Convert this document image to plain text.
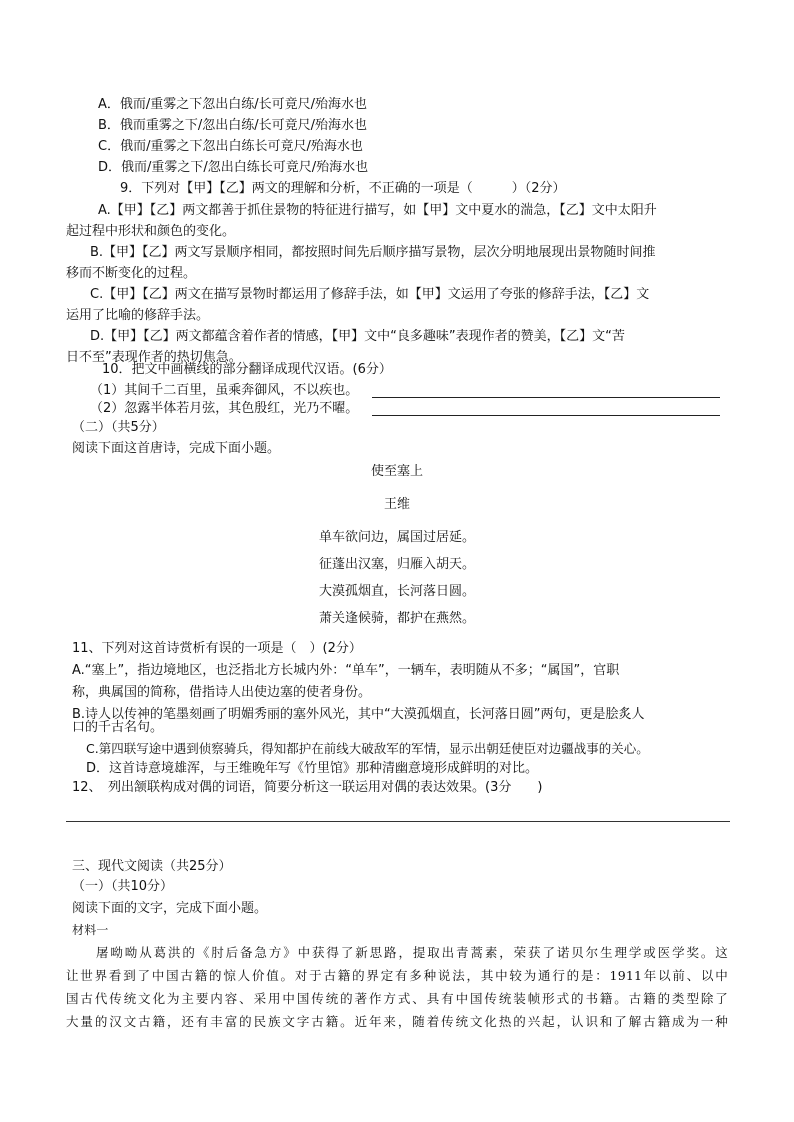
A．俄而/重雾之下忽出白练/长可竟尺/殆海水也
B．俄而重雾之下/忽出白练/长可竟尺/殆海水也
C．俄而/重雾之下忽出白练长可竟尺/殆海水也
D．俄而/重雾之下/忽出白练长可竟尺/殆海水也
9．下列对【甲】【乙】两文的理解和分析，不正确的一项是（　　　）（2分）
A.【甲】【乙】两文都善于抓住景物的特征进行描写，如【甲】文中夏水的湍急，【乙】文中太阳升
起过程中形状和颜色的变化。
B.【甲】【乙】两文写景顺序相同，都按照时间先后顺序描写景物，层次分明地展现出景物随时间推
移而不断变化的过程。
C.【甲】【乙】两文在描写景物时都运用了修辞手法，如【甲】文运用了夸张的修辞手法，【乙】文
运用了比喻的修辞手法。
D.【甲】【乙】两文都蕴含着作者的情感，【甲】文中“良多趣味”表现作者的赞美，【乙】文“苦
日不至”表现作者的热切焦急。
10．把文中画横线的部分翻译成现代汉语。(6分）
（1）其间千二百里，虽乘奔御风，不以疾也。
（2）忽露半体若月弦，其色殷红，光乃不曜。
（二）（共5分）
阅读下面这首唐诗，完成下面小题。
使至塞上
王维
单车欲问边，属国过居延。
征蓬出汉塞，归雁入胡天。
大漠孤烟直，长河落日圆。
萧关逢候骑，都护在燕然。
11、下列对这首诗赏析有误的一项是（　）(2分）
A.“塞上”，指边境地区，也泛指北方长城内外：“单车”，一辆车，表明随从不多；“属国”，官职
称，典属国的简称，借指诗人出使边塞的使者身份。
B.诗人以传神的笔墨刻画了明媚秀丽的塞外风光，其中“大漠孤烟直，长河落日圆”两句，更是脍炙人
口的千古名句。
C.第四联写途中遇到侦察骑兵，得知都护在前线大破敌军的军情，显示出朝廷使臣对边疆战事的关心。
D．这首诗意境雄浑，与王维晚年写《竹里馆》那种清幽意境形成鲜明的对比。
12、　列出颔联构成对偶的词语，简要分析这一联运用对偶的表达效果。(3分　　)
三、现代文阅读（共25分）
（一）（共10分）
阅读下面的文字，完成下面小题。
材料一
屠呦呦从葛洪的《肘后备急方》中获得了新思路，提取出青蒿素，荣获了诺贝尔生理学或医学奖。这
让世界看到了中国古籍的惊人价值。对于古籍的界定有多种说法，其中较为通行的是：1911年以前、以中
国古代传统文化为主要内容、采用中国传统的著作方式、具有中国传统装帧形式的书籍。古籍的类型除了
大量的汉文古籍，还有丰富的民族文字古籍。近年来，随着传统文化热的兴起，认识和了解古籍成为一种
